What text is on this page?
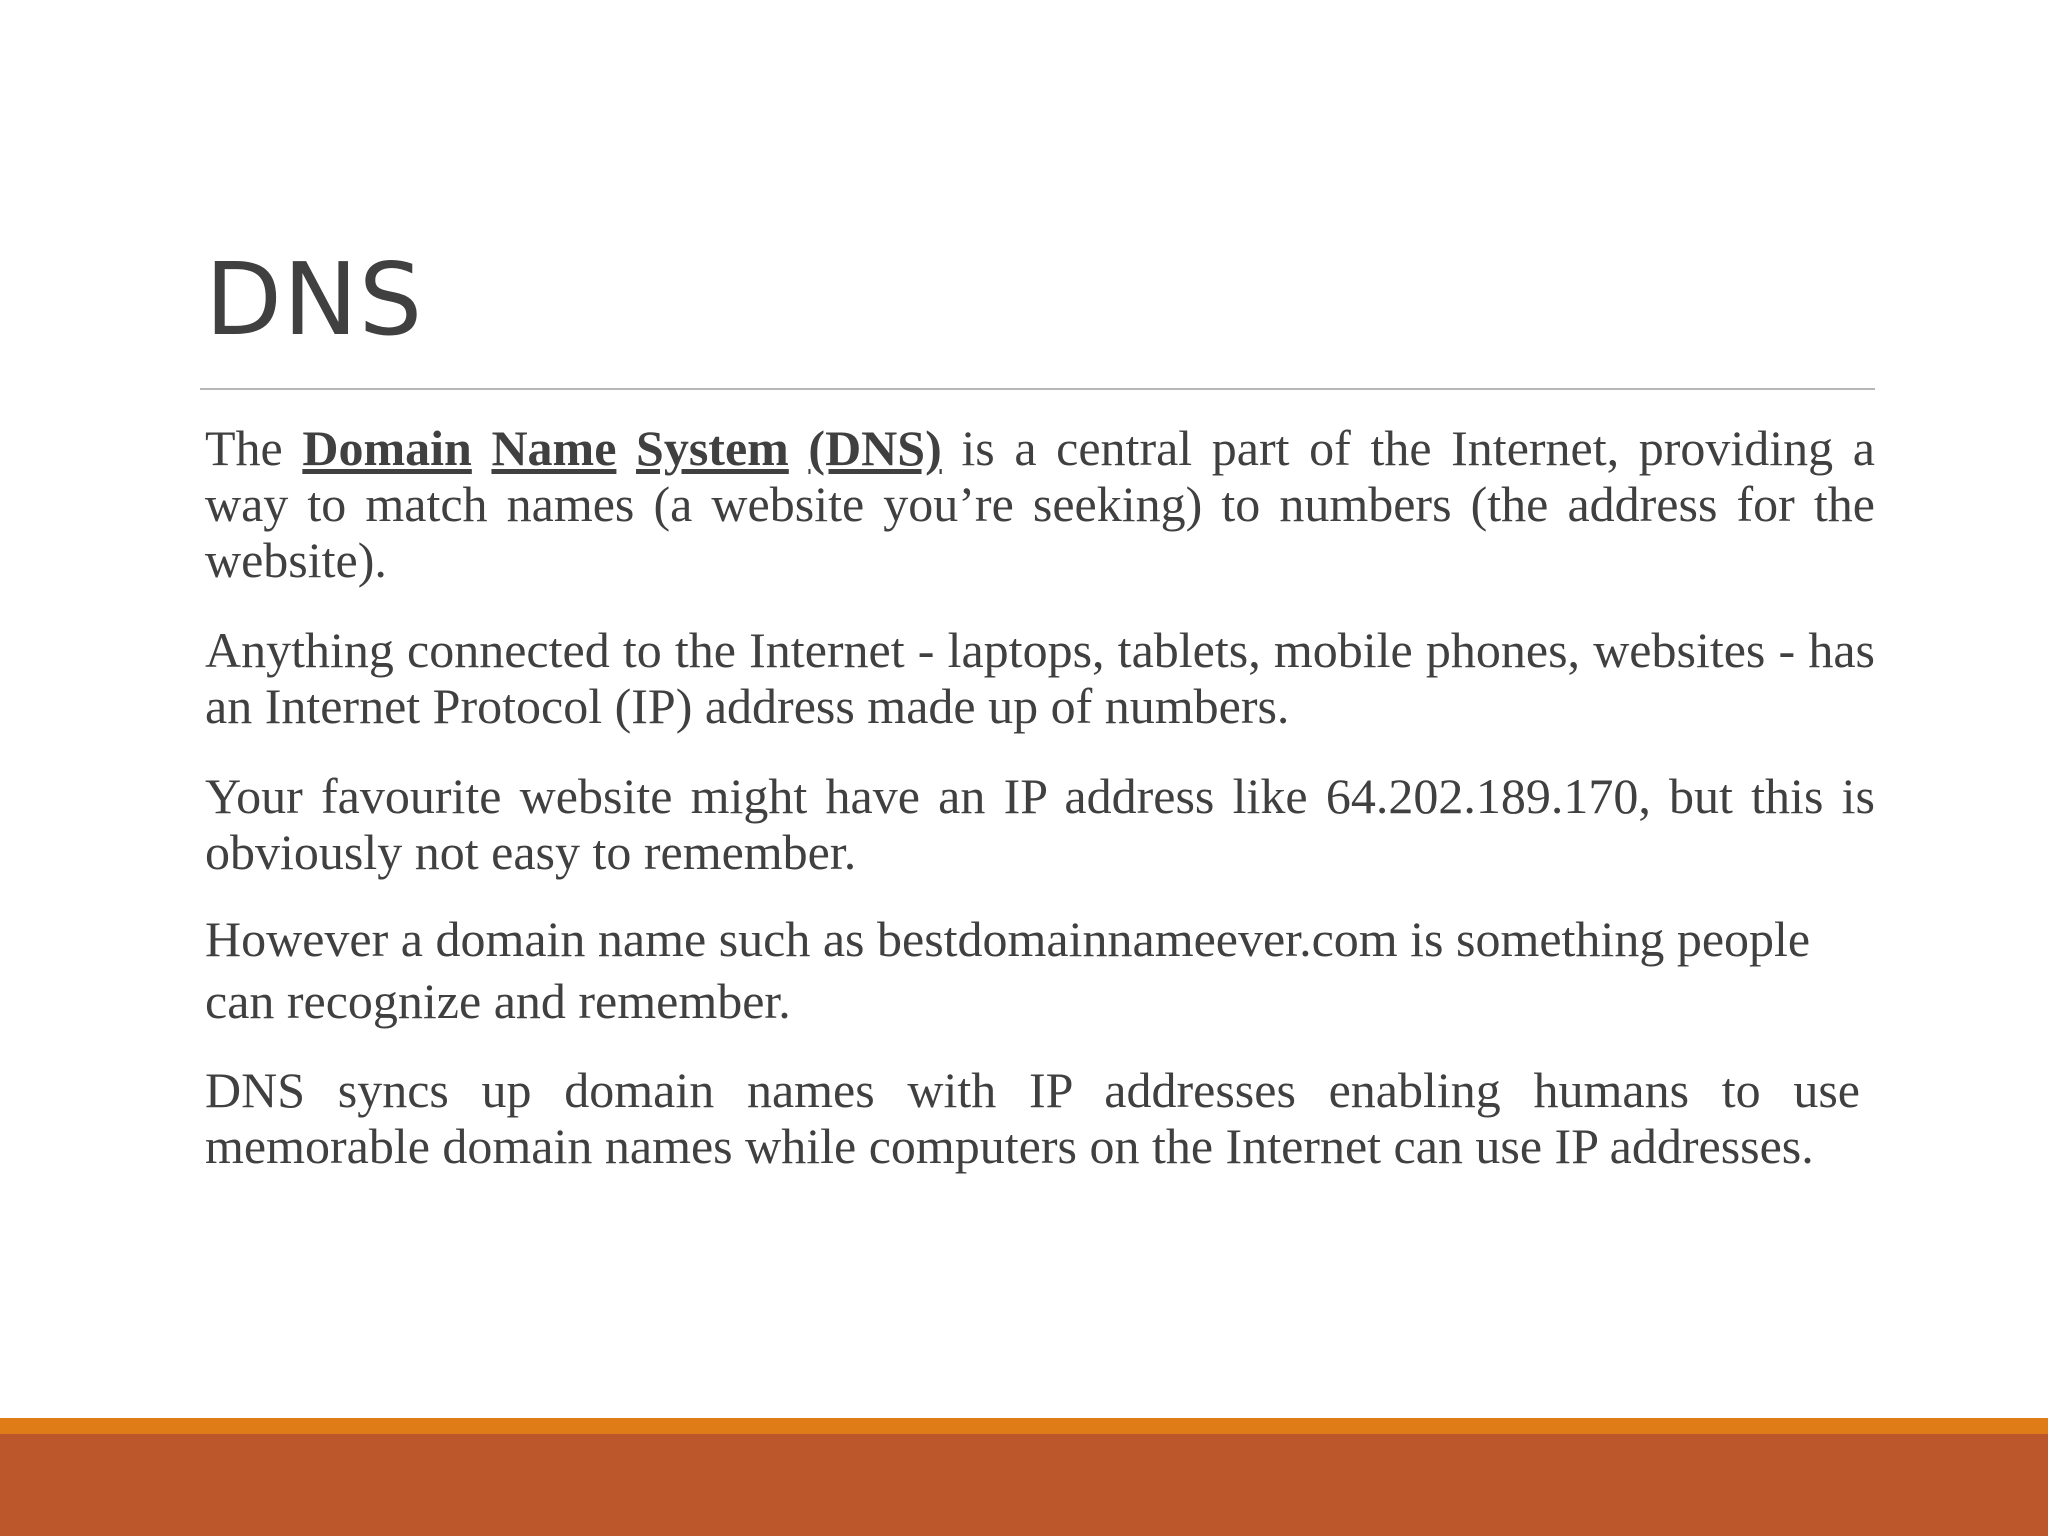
DNS

The Domain Name System (DNS) is a central part of the Internet, providing a way to match names (a website you’re seeking) to numbers (the address for the website).

Anything connected to the Internet - laptops, tablets, mobile phones, websites - has an Internet Protocol (IP) address made up of numbers.

Your favourite website might have an IP address like 64.202.189.170, but this is obviously not easy to remember.

However a domain name such as bestdomainnameever.com is something people can recognize and remember.

DNS syncs up domain names with IP addresses enabling humans to use memorable domain names while computers on the Internet can use IP addresses.
